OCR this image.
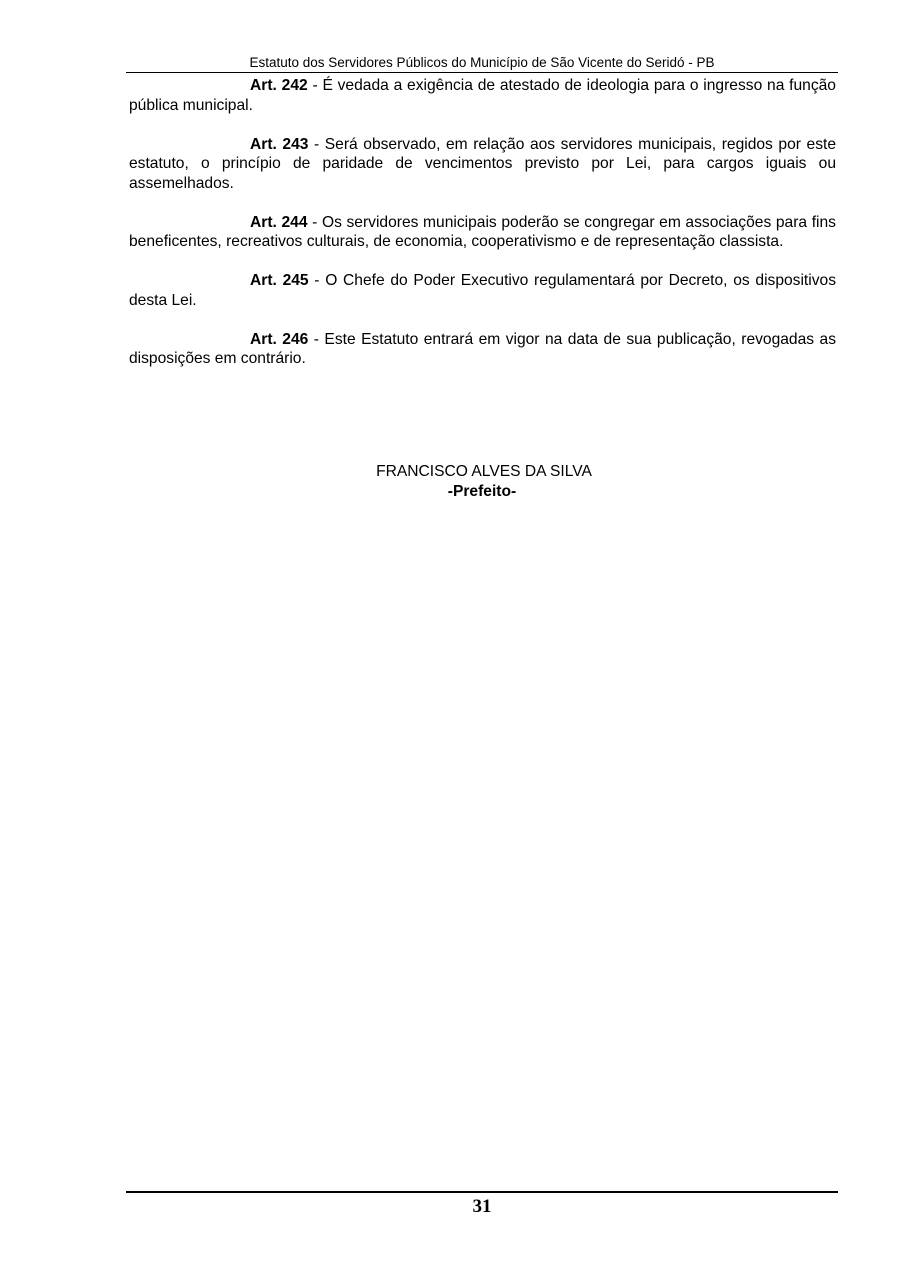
Estatuto dos Servidores Públicos do Município de São Vicente do Seridó - PB

Art. 242 - É vedada a exigência de atestado de ideologia para o ingresso na função pública municipal.

Art. 243 - Será observado, em relação aos servidores municipais, regidos por este estatuto, o princípio de paridade de vencimentos previsto por Lei, para cargos iguais ou assemelhados.

Art. 244 - Os servidores municipais poderão se congregar em associações para fins beneficentes, recreativos culturais, de economia, cooperativismo e de representação classista.

Art. 245 - O Chefe do Poder Executivo regulamentará por Decreto, os dispositivos desta Lei.

Art. 246 - Este Estatuto entrará em vigor na data de sua publicação, revogadas as disposições em contrário.

FRANCISCO ALVES DA SILVA
-Prefeito-
31
